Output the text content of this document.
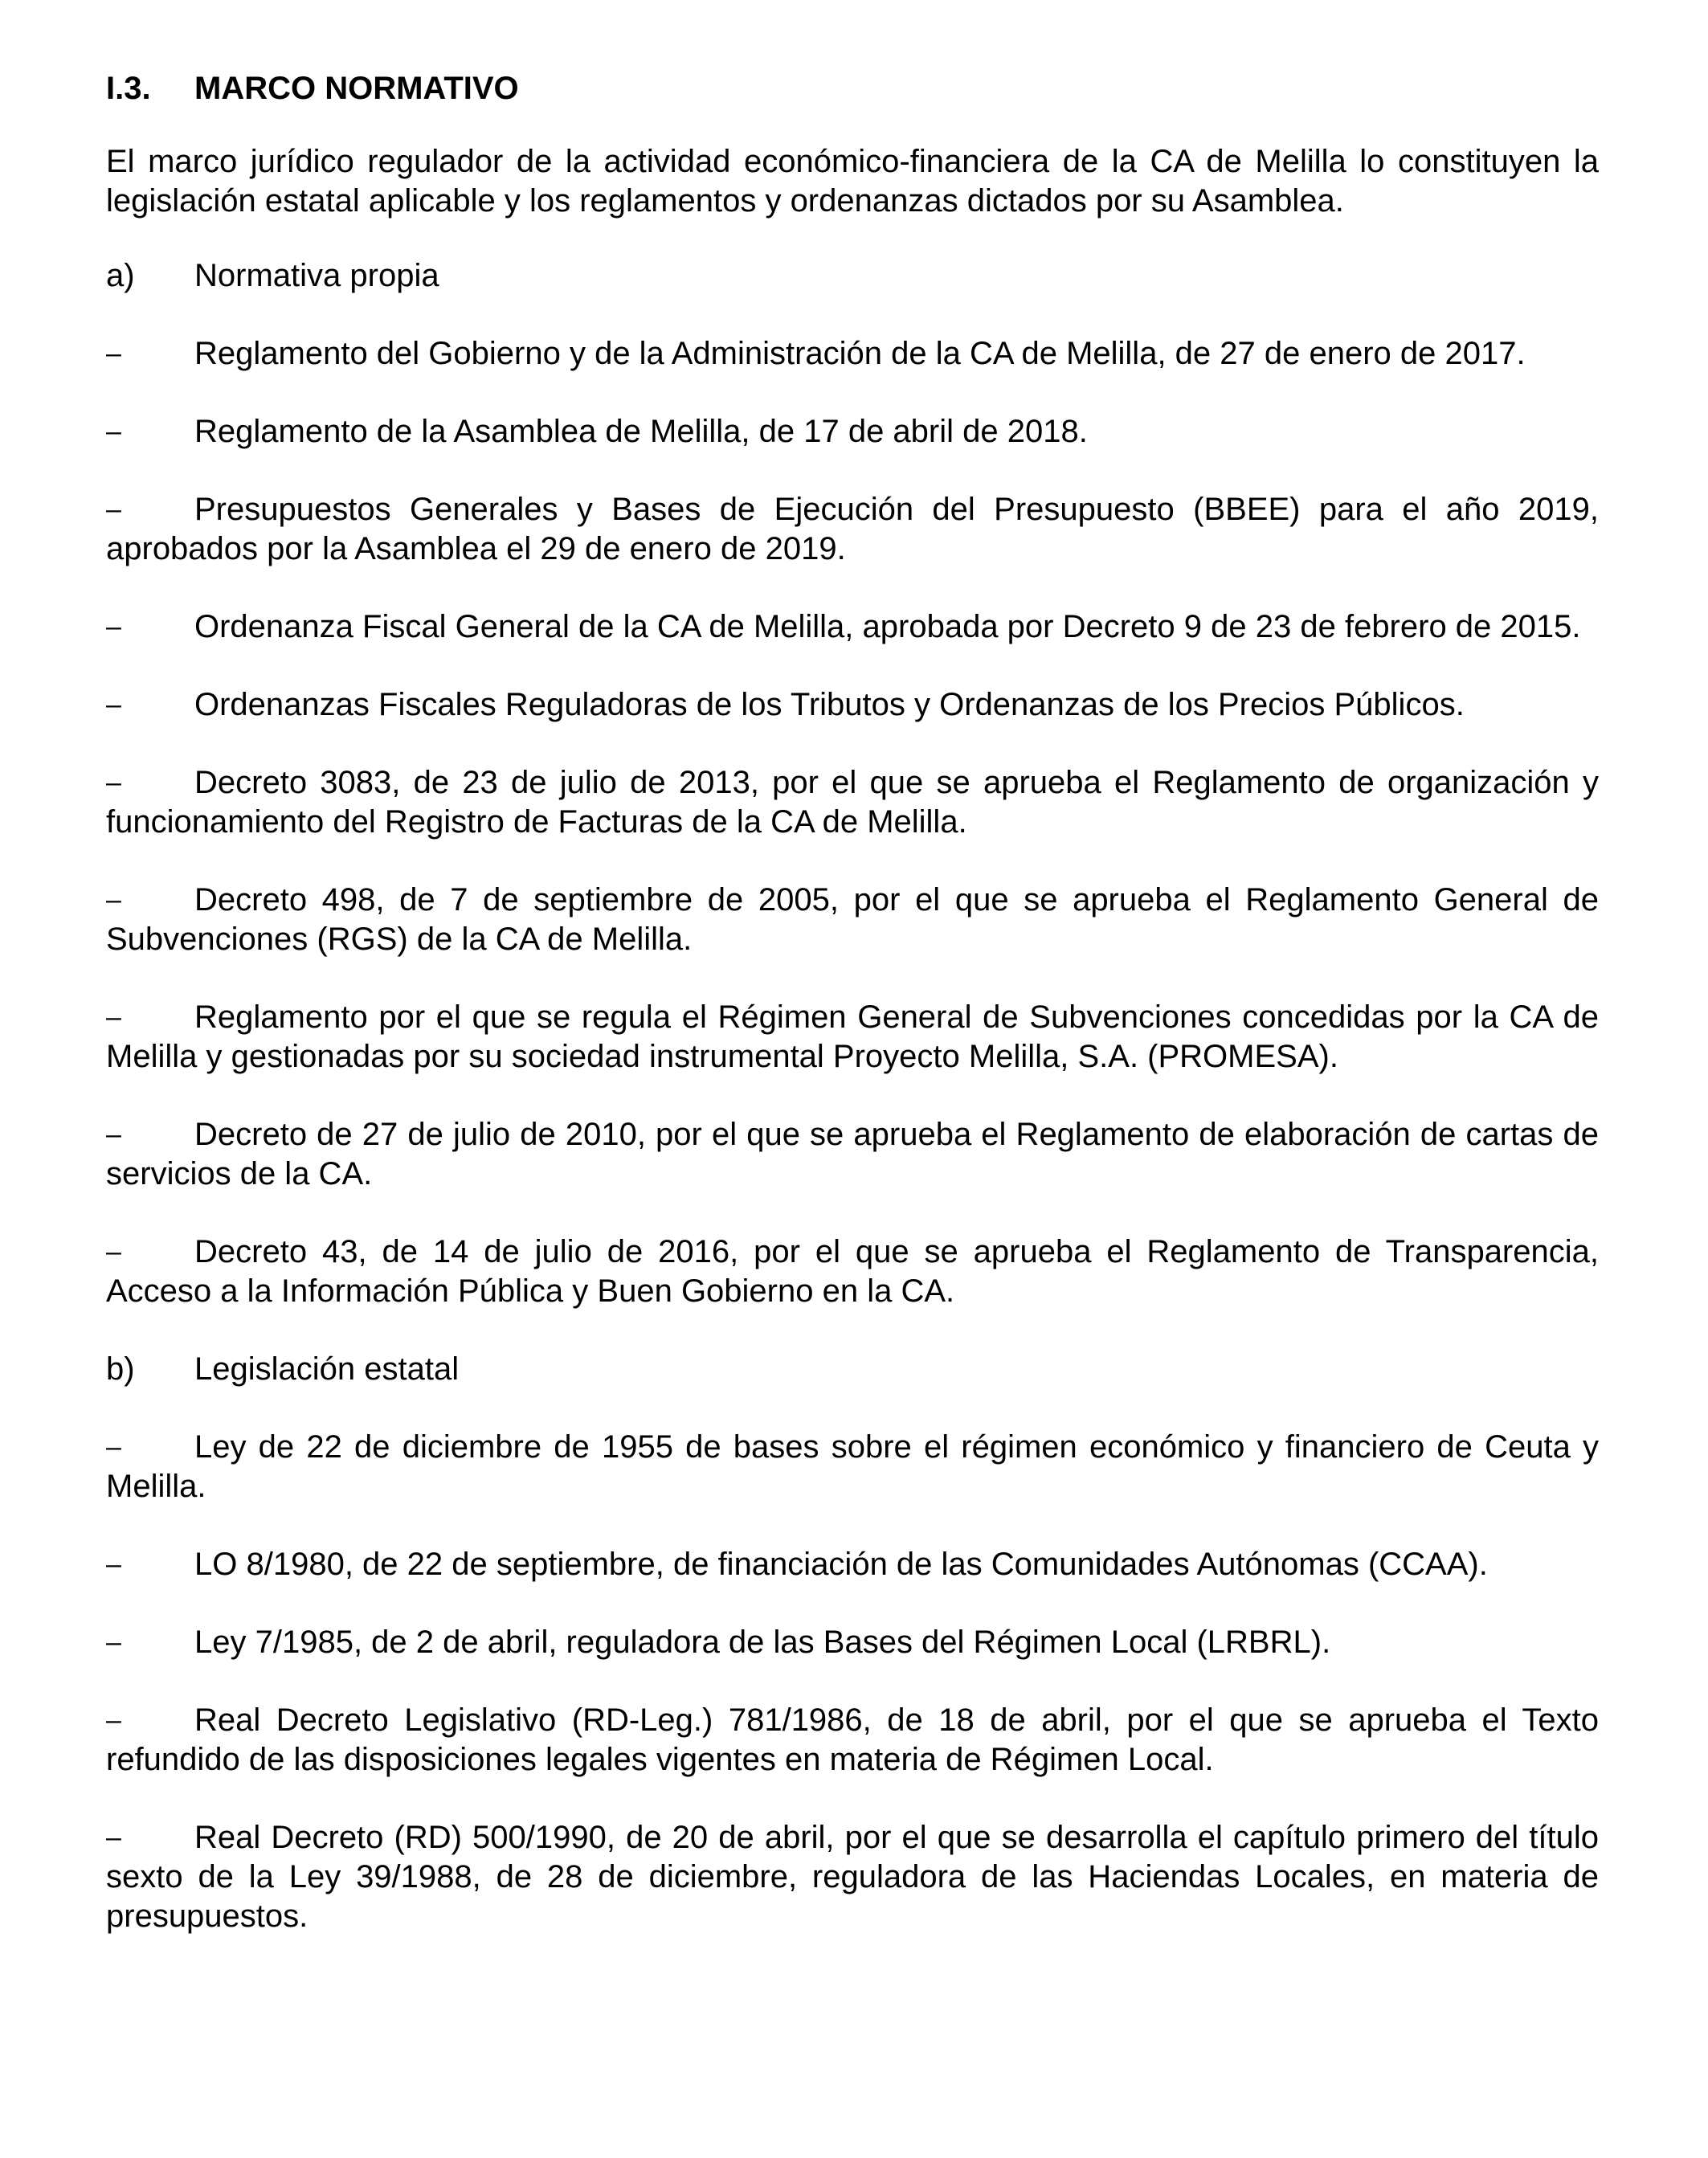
I.3.	MARCO NORMATIVO

El marco jurídico regulador de la actividad económico-financiera de la CA de Melilla lo constituyen la legislación estatal aplicable y los reglamentos y ordenanzas dictados por su Asamblea.

a)	Normativa propia
– Reglamento del Gobierno y de la Administración de la CA de Melilla, de 27 de enero de 2017.
– Reglamento de la Asamblea de Melilla, de 17 de abril de 2018.
– Presupuestos Generales y Bases de Ejecución del Presupuesto (BBEE) para el año 2019, aprobados por la Asamblea el 29 de enero de 2019.
– Ordenanza Fiscal General de la CA de Melilla, aprobada por Decreto 9 de 23 de febrero de 2015.
– Ordenanzas Fiscales Reguladoras de los Tributos y Ordenanzas de los Precios Públicos.
– Decreto 3083, de 23 de julio de 2013, por el que se aprueba el Reglamento de organización y funcionamiento del Registro de Facturas de la CA de Melilla.
– Decreto 498, de 7 de septiembre de 2005, por el que se aprueba el Reglamento General de Subvenciones (RGS) de la CA de Melilla.
– Reglamento por el que se regula el Régimen General de Subvenciones concedidas por la CA de Melilla y gestionadas por su sociedad instrumental Proyecto Melilla, S.A. (PROMESA).
– Decreto de 27 de julio de 2010, por el que se aprueba el Reglamento de elaboración de cartas de servicios de la CA.
– Decreto 43, de 14 de julio de 2016, por el que se aprueba el Reglamento de Transparencia, Acceso a la Información Pública y Buen Gobierno en la CA.
b)	Legislación estatal
– Ley de 22 de diciembre de 1955 de bases sobre el régimen económico y financiero de Ceuta y Melilla.
– LO 8/1980, de 22 de septiembre, de financiación de las Comunidades Autónomas (CCAA).
– Ley 7/1985, de 2 de abril, reguladora de las Bases del Régimen Local (LRBRL).
– Real Decreto Legislativo (RD-Leg.) 781/1986, de 18 de abril, por el que se aprueba el Texto refundido de las disposiciones legales vigentes en materia de Régimen Local.
– Real Decreto (RD) 500/1990, de 20 de abril, por el que se desarrolla el capítulo primero del título sexto de la Ley 39/1988, de 28 de diciembre, reguladora de las Haciendas Locales, en materia de presupuestos.
